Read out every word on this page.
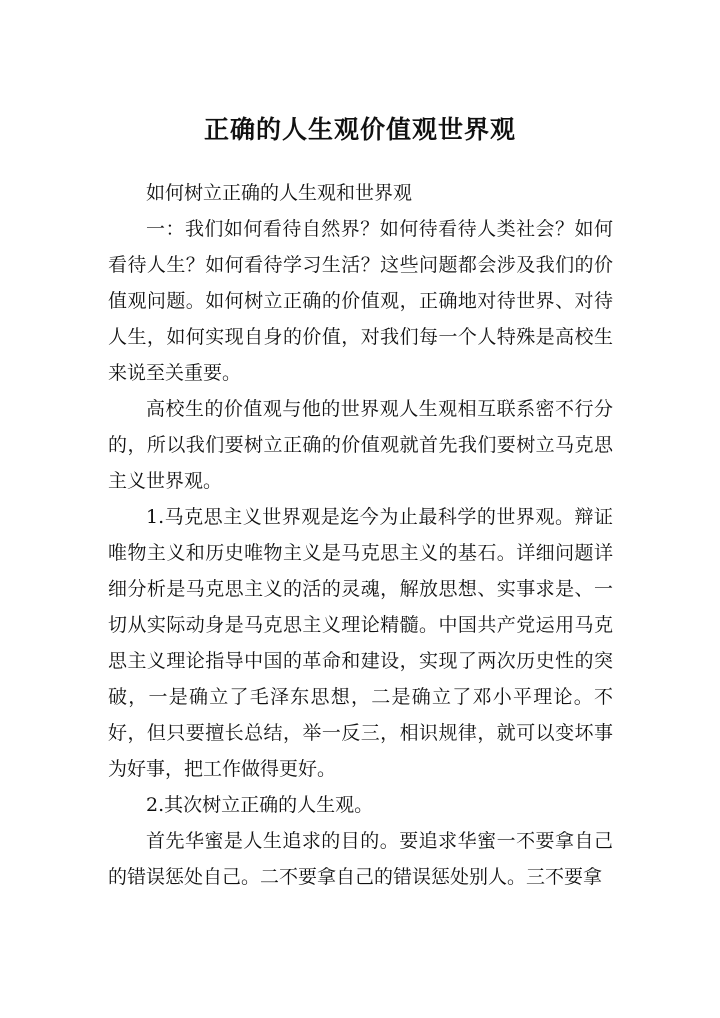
正确的人生观价值观世界观

如何树立正确的人生观和世界观

一：我们如何看待自然界？如何待看待人类社会？如何看待人生？如何看待学习生活？这些问题都会涉及我们的价值观问题。如何树立正确的价值观，正确地对待世界、对待人生，如何实现自身的价值，对我们每一个人特殊是高校生来说至关重要。

高校生的价值观与他的世界观人生观相互联系密不行分的，所以我们要树立正确的价值观就首先我们要树立马克思主义世界观。

1.马克思主义世界观是迄今为止最科学的世界观。辩证唯物主义和历史唯物主义是马克思主义的基石。详细问题详细分析是马克思主义的活的灵魂，解放思想、实事求是、一切从实际动身是马克思主义理论精髓。中国共产党运用马克思主义理论指导中国的革命和建设，实现了两次历史性的突破，一是确立了毛泽东思想，二是确立了邓小平理论。不好，但只要擅长总结，举一反三，相识规律，就可以变坏事为好事，把工作做得更好。

2.其次树立正确的人生观。

首先华蜜是人生追求的目的。要追求华蜜一不要拿自己的错误惩处自己。二不要拿自己的错误惩处别人。三不要拿
